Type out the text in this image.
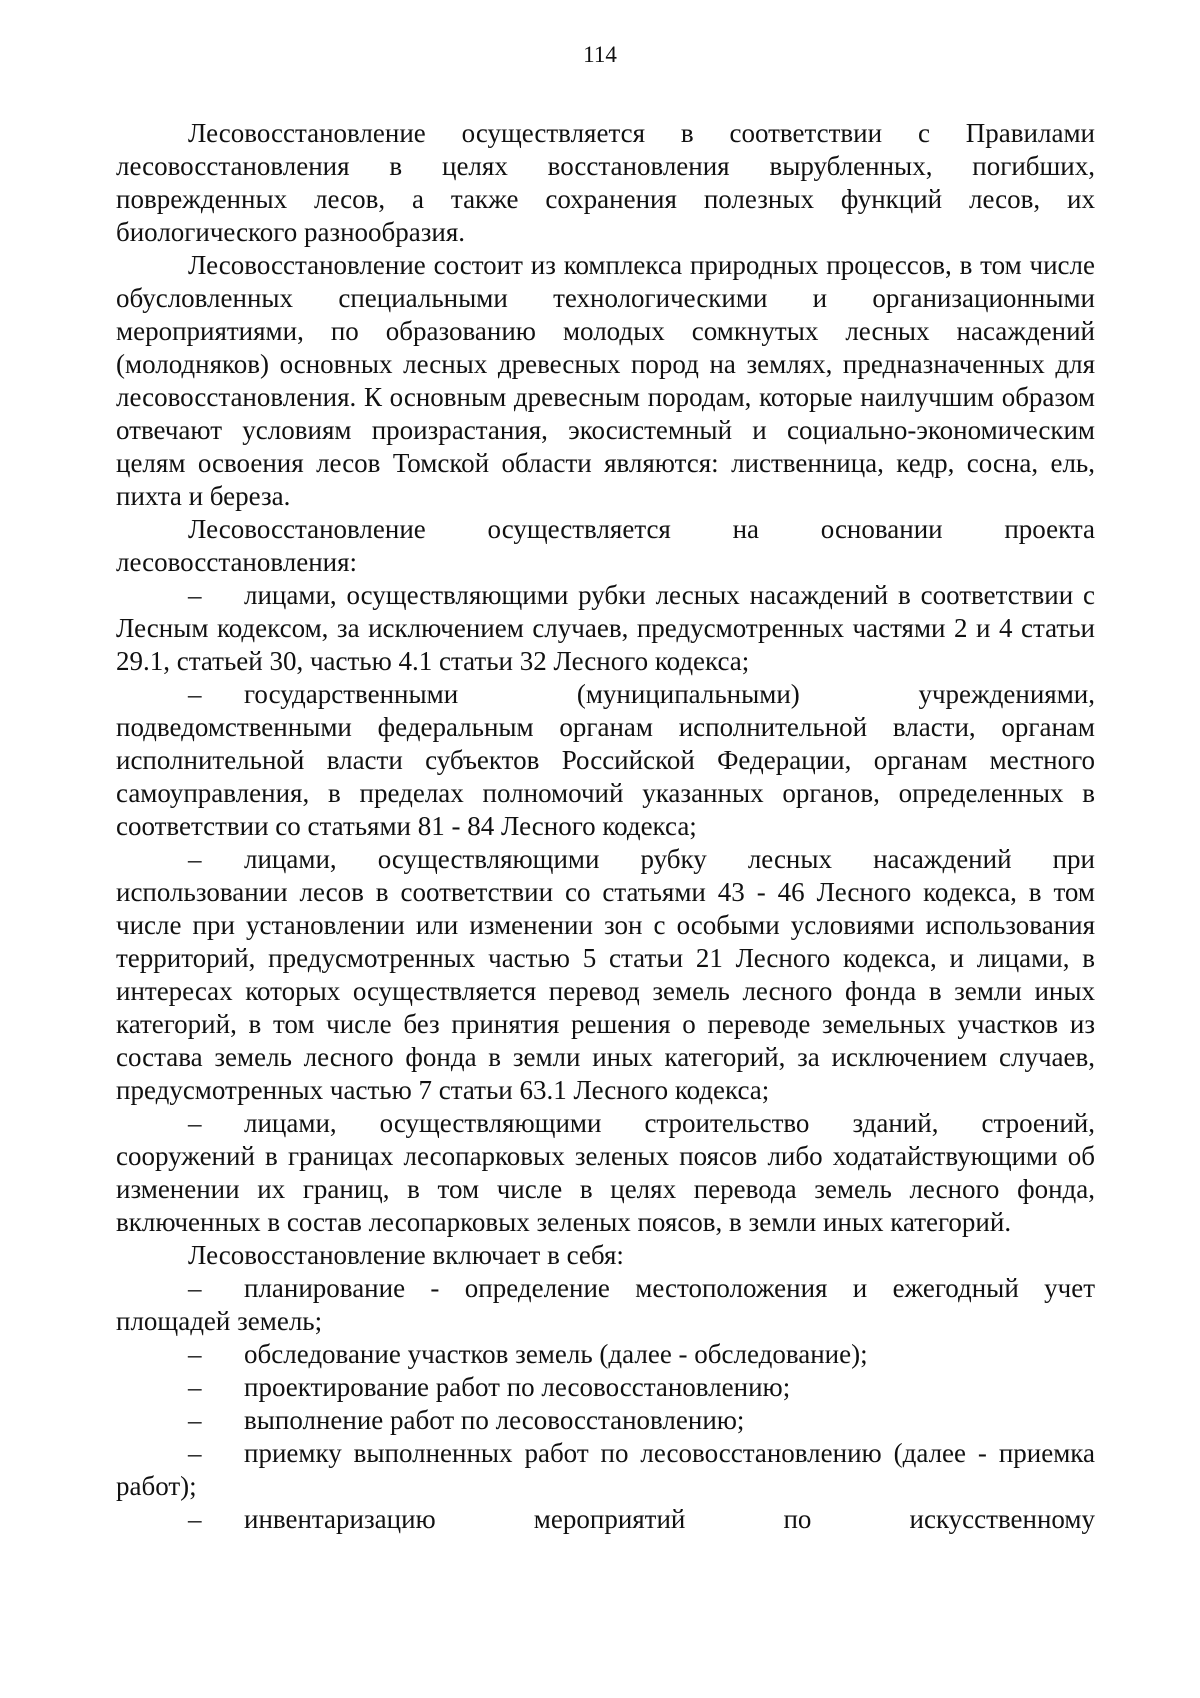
114

Лесовосстановление осуществляется в соответствии с Правилами лесовосстановления в целях восстановления вырубленных, погибших, поврежденных лесов, а также сохранения полезных функций лесов, их биологического разнообразия.

Лесовосстановление состоит из комплекса природных процессов, в том числе обусловленных специальными технологическими и организационными мероприятиями, по образованию молодых сомкнутых лесных насаждений (молодняков) основных лесных древесных пород на землях, предназначенных для лесовосстановления. К основным древесным породам, которые наилучшим образом отвечают условиям произрастания, экосистемный и социально-экономическим целям освоения лесов Томской области являются: лиственница, кедр, сосна, ель, пихта и береза.

Лесовосстановление осуществляется на основании проекта лесовосстановления:

– лицами, осуществляющими рубки лесных насаждений в соответствии с Лесным кодексом, за исключением случаев, предусмотренных частями 2 и 4 статьи 29.1, статьей 30, частью 4.1 статьи 32 Лесного кодекса;

– государственными (муниципальными) учреждениями, подведомственными федеральным органам исполнительной власти, органам исполнительной власти субъектов Российской Федерации, органам местного самоуправления, в пределах полномочий указанных органов, определенных в соответствии со статьями 81 - 84 Лесного кодекса;

– лицами, осуществляющими рубку лесных насаждений при использовании лесов в соответствии со статьями 43 - 46 Лесного кодекса, в том числе при установлении или изменении зон с особыми условиями использования территорий, предусмотренных частью 5 статьи 21 Лесного кодекса, и лицами, в интересах которых осуществляется перевод земель лесного фонда в земли иных категорий, в том числе без принятия решения о переводе земельных участков из состава земель лесного фонда в земли иных категорий, за исключением случаев, предусмотренных частью 7 статьи 63.1 Лесного кодекса;

– лицами, осуществляющими строительство зданий, строений, сооружений в границах лесопарковых зеленых поясов либо ходатайствующими об изменении их границ, в том числе в целях перевода земель лесного фонда, включенных в состав лесопарковых зеленых поясов, в земли иных категорий.

Лесовосстановление включает в себя:

– планирование - определение местоположения и ежегодный учет площадей земель;

– обследование участков земель (далее - обследование);

– проектирование работ по лесовосстановлению;

– выполнение работ по лесовосстановлению;

– приемку выполненных работ по лесовосстановлению (далее - приемка работ);

– инвентаризацию мероприятий по искусственному
